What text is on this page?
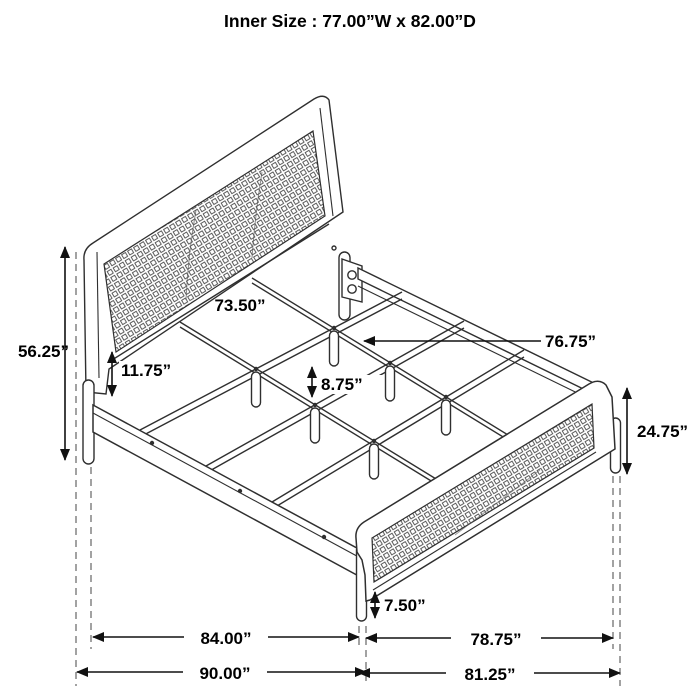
Inner Size : 77.00”W x 82.00”D
56.25”
11.75”
73.50”
76.75”
8.75”
24.75”
7.50”
84.00”
90.00”
78.75”
81.25”
